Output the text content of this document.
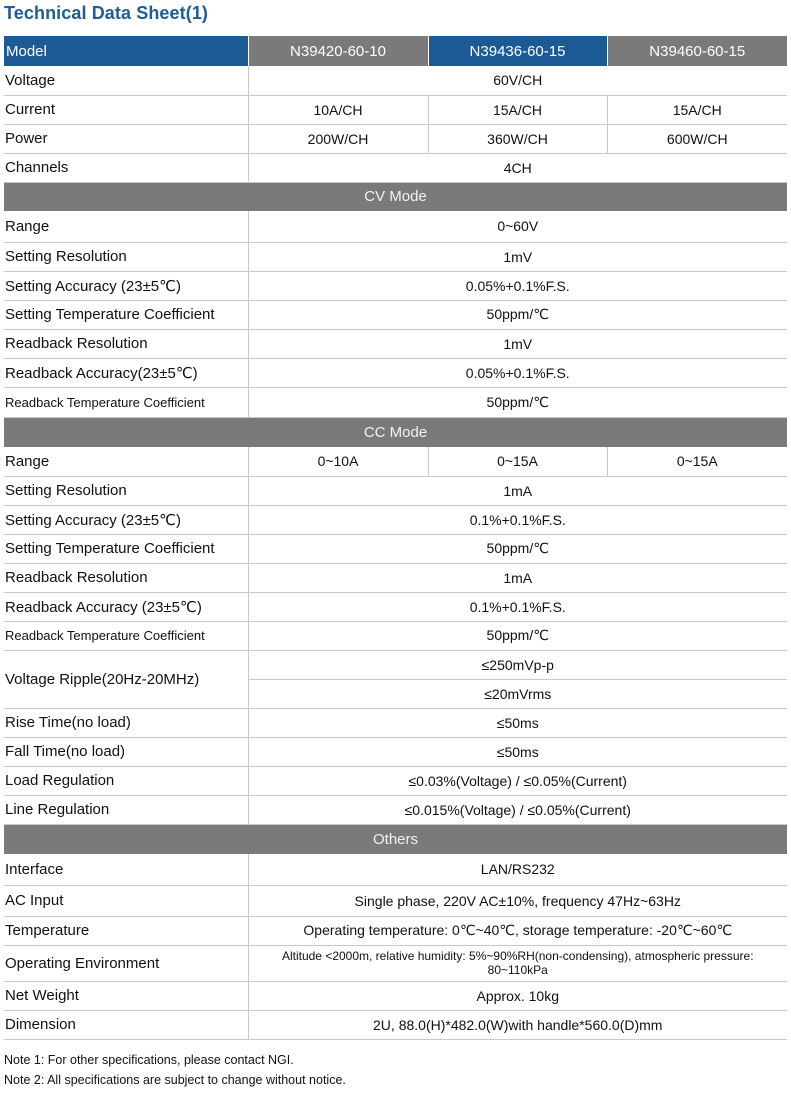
Technical Data Sheet(1)
Model	N39420-60-10	N39436-60-15	N39460-60-15
Voltage	60V/CH		
Current	10A/CH	15A/CH	15A/CH
Power	200W/CH	360W/CH	600W/CH
Channels	4CH		
CV Mode			
Range	0~60V		
Setting Resolution	1mV		
Setting Accuracy (23±5℃)	0.05%+0.1%F.S.		
Setting Temperature Coefficient	50ppm/℃		
Readback Resolution	1mV		
Readback Accuracy(23±5℃)	0.05%+0.1%F.S.		
Readback Temperature Coefficient	50ppm/℃		
CC Mode			
Range	0~10A	0~15A	0~15A
Setting Resolution	1mA		
Setting Accuracy (23±5℃)	0.1%+0.1%F.S.		
Setting Temperature Coefficient	50ppm/℃		
Readback Resolution	1mA		
Readback Accuracy (23±5℃)	0.1%+0.1%F.S.		
Readback Temperature Coefficient	50ppm/℃		
Voltage Ripple(20Hz-20MHz)	≤250mVp-p		
	≤20mVrms		
Rise Time(no load)	≤50ms		
Fall Time(no load)	≤50ms		
Load Regulation	≤0.03%(Voltage) / ≤0.05%(Current)		
Line Regulation	≤0.015%(Voltage) / ≤0.05%(Current)		
Others			
Interface	LAN/RS232		
AC Input	Single phase, 220V AC±10%, frequency 47Hz~63Hz		
Temperature	Operating temperature: 0℃~40℃, storage temperature: -20℃~60℃		
Operating Environment	Altitude <2000m, relative humidity: 5%~90%RH(non-condensing), atmospheric pressure: 80~110kPa		

Net Weight	Approx. 10kg		
Dimension	2U, 88.0(H)*482.0(W)with handle*560.0(D)mm		
Note 1: For other specifications, please contact NGI.
Note 2: All specifications are subject to change without notice.
